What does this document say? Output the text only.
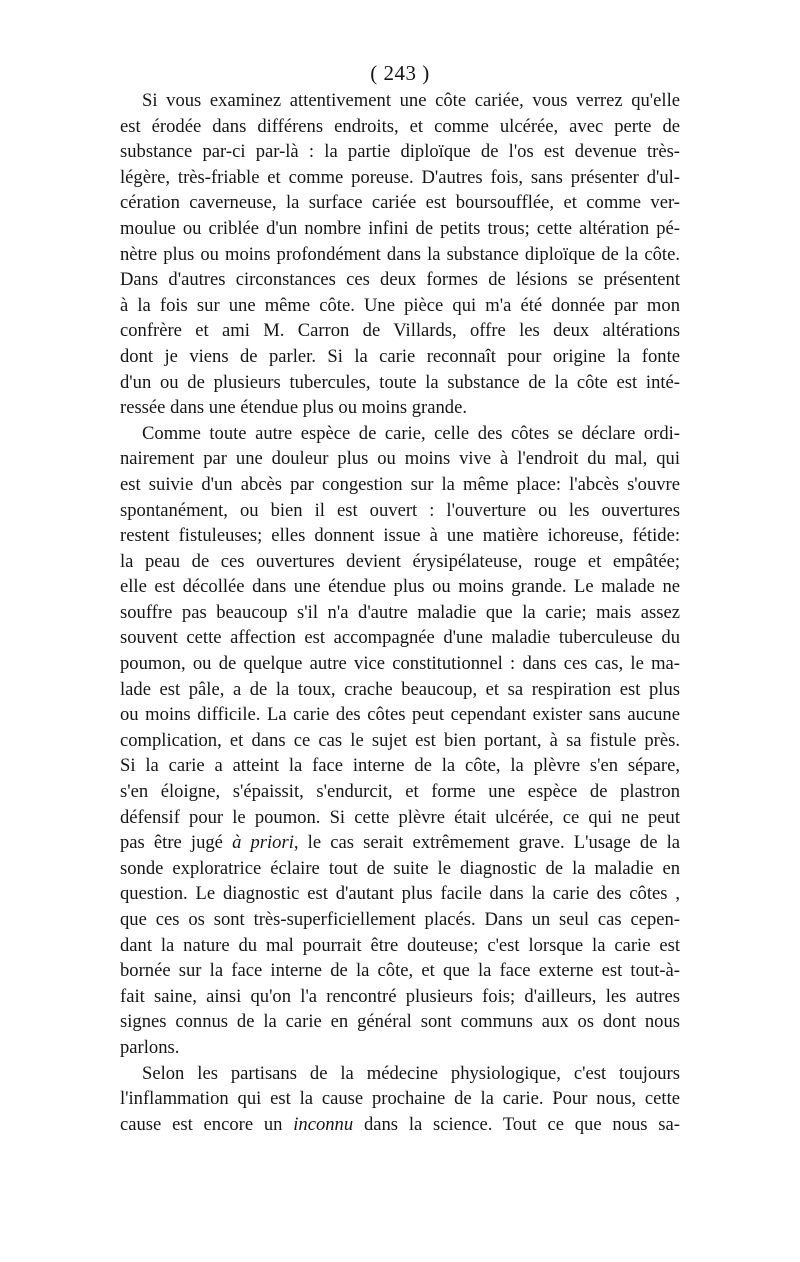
( 243 )
Si vous examinez attentivement une côte cariée, vous verrez qu'elle
est érodée dans différens endroits, et comme ulcérée, avec perte de
substance par-ci par-là : la partie diploïque de l'os est devenue très-
légère, très-friable et comme poreuse. D'autres fois, sans présenter d'ul-
cération caverneuse, la surface cariée est boursoufflée, et comme ver-
moulue ou criblée d'un nombre infini de petits trous; cette altération pé-
nètre plus ou moins profondément dans la substance diploïque de la côte.
Dans d'autres circonstances ces deux formes de lésions se présentent
à la fois sur une même côte. Une pièce qui m'a été donnée par mon
confrère et ami M. Carron de Villards, offre les deux altérations
dont je viens de parler. Si la carie reconnaît pour origine la fonte
d'un ou de plusieurs tubercules, toute la substance de la côte est inté-
ressée dans une étendue plus ou moins grande.
Comme toute autre espèce de carie, celle des côtes se déclare ordi-
nairement par une douleur plus ou moins vive à l'endroit du mal, qui
est suivie d'un abcès par congestion sur la même place: l'abcès s'ouvre
spontanément, ou bien il est ouvert : l'ouverture ou les ouvertures
restent fistuleuses; elles donnent issue à une matière ichoreuse, fétide:
la peau de ces ouvertures devient érysipélateuse, rouge et empâtée;
elle est décollée dans une étendue plus ou moins grande. Le malade ne
souffre pas beaucoup s'il n'a d'autre maladie que la carie; mais assez
souvent cette affection est accompagnée d'une maladie tuberculeuse du
poumon, ou de quelque autre vice constitutionnel : dans ces cas, le ma-
lade est pâle, a de la toux, crache beaucoup, et sa respiration est plus
ou moins difficile. La carie des côtes peut cependant exister sans aucune
complication, et dans ce cas le sujet est bien portant, à sa fistule près.
Si la carie a atteint la face interne de la côte, la plèvre s'en sépare,
s'en éloigne, s'épaissit, s'endurcit, et forme une espèce de plastron
défensif pour le poumon. Si cette plèvre était ulcérée, ce qui ne peut
pas être jugé à priori, le cas serait extrêmement grave. L'usage de la
sonde exploratrice éclaire tout de suite le diagnostic de la maladie en
question. Le diagnostic est d'autant plus facile dans la carie des côtes ,
que ces os sont très-superficiellement placés. Dans un seul cas cepen-
dant la nature du mal pourrait être douteuse; c'est lorsque la carie est
bornée sur la face interne de la côte, et que la face externe est tout-à-
fait saine, ainsi qu'on l'a rencontré plusieurs fois; d'ailleurs, les autres
signes connus de la carie en général sont communs aux os dont nous
parlons.
Selon les partisans de la médecine physiologique, c'est toujours
l'inflammation qui est la cause prochaine de la carie. Pour nous, cette
cause est encore un inconnu dans la science. Tout ce que nous sa-
